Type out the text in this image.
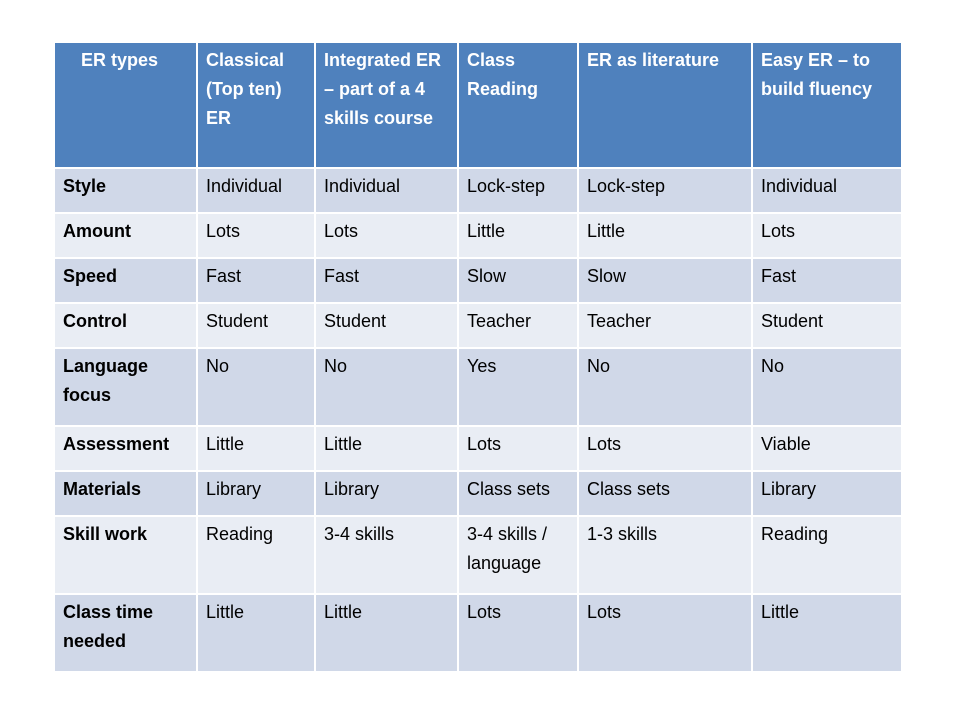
ER types	Classical (Top ten) ER	Integrated ER – part of a 4 skills course	Class Reading	ER as literature	Easy ER – to build fluency
Style	Individual	Individual	Lock-step	Lock-step	Individual
Amount	Lots	Lots	Little	Little	Lots
Speed	Fast	Fast	Slow	Slow	Fast
Control	Student	Student	Teacher	Teacher	Student
Language focus	No	No	Yes	No	No
Assessment	Little	Little	Lots	Lots	Viable
Materials	Library	Library	Class sets	Class sets	Library
Skill work	Reading	3-4 skills	3-4 skills / language	1-3 skills	Reading
Class time needed	Little	Little	Lots	Lots	Little
